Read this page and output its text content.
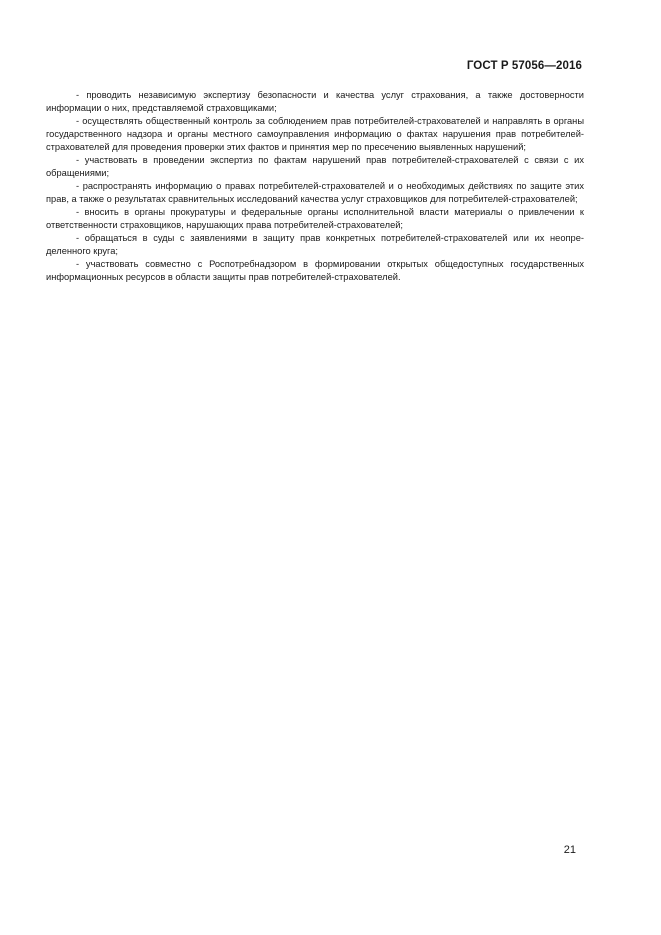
ГОСТ Р 57056—2016

- проводить независимую экспертизу безопасности и качества услуг страхования, а также достоверности информации о них, представляемой страховщиками;

- осуществлять общественный контроль за соблюдением прав потребителей-страхователей и направлять в органы государственного надзора и органы местного самоуправления информацию о фактах нарушения прав потребителей-страхователей для проведения проверки этих фактов и принятия мер по пресечению выявленных нарушений;

- участвовать в проведении экспертиз по фактам нарушений прав потребителей-страхователей с связи с их обращениями;

- распространять информацию о правах потребителей-страхователей и о необходимых действиях по защите этих прав, а также о результатах сравнительных исследований качества услуг страховщиков для потребителей-страхователей;

- вносить в органы прокуратуры и федеральные органы исполнительной власти материалы о привлечении к ответственности страховщиков, нарушающих права потребителей-страхователей;

- обращаться в суды с заявлениями в защиту прав конкретных потребителей-страхователей или их неопре-деленного круга;

- участвовать совместно с Роспотребнадзором в формировании открытых общедоступных государственных информационных ресурсов в области защиты прав потребителей-страхователей.

21
